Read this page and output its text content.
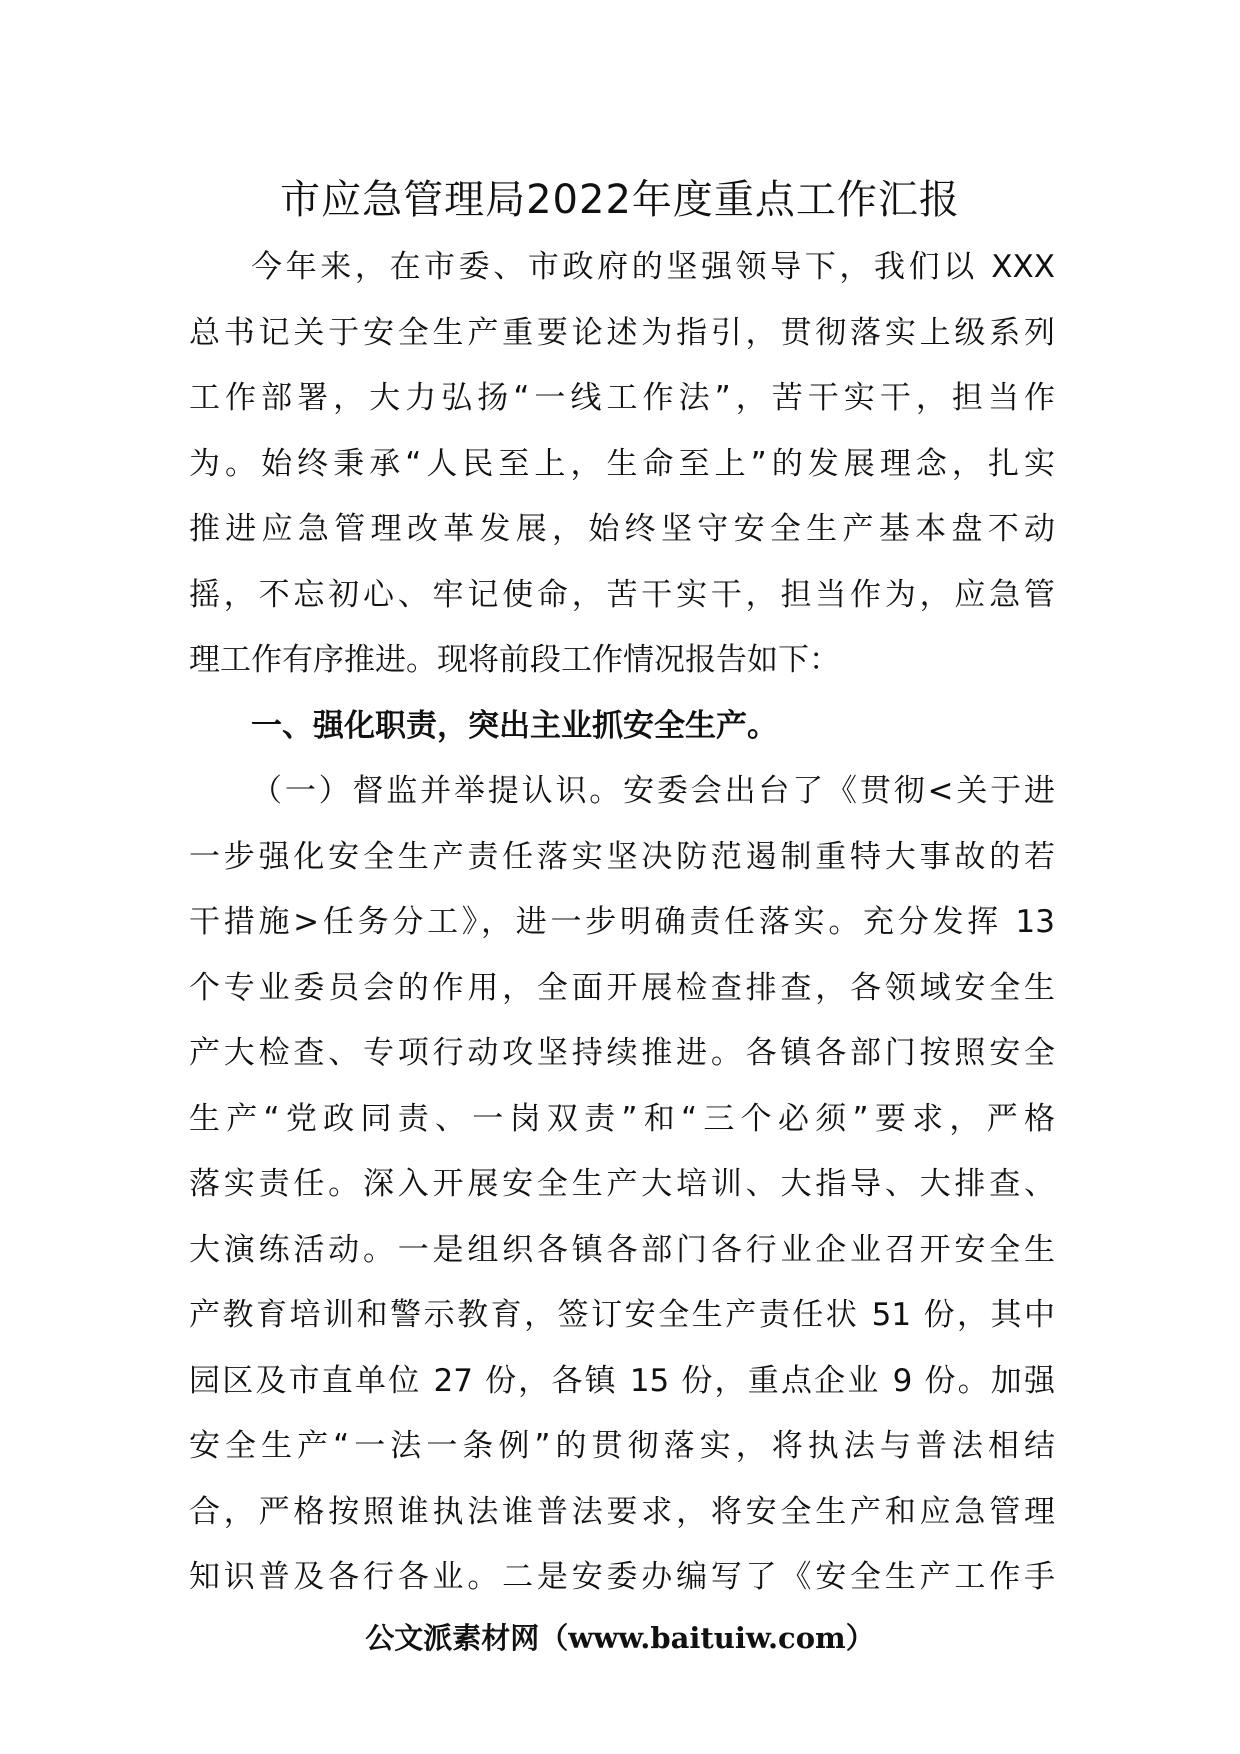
市应急管理局2022年度重点工作汇报
今年来，在市委、市政府的坚强领导下，我们以 XXX
总书记关于安全生产重要论述为指引，贯彻落实上级系列
工作部署，大力弘扬“一线工作法”，苦干实干，担当作
为。始终秉承“人民至上，生命至上”的发展理念，扎实
推进应急管理改革发展，始终坚守安全生产基本盘不动
摇，不忘初心、牢记使命，苦干实干，担当作为，应急管
理工作有序推进。现将前段工作情况报告如下：
一、强化职责，突出主业抓安全生产。
（一）督监并举提认识。安委会出台了《贯彻<关于进
一步强化安全生产责任落实坚决防范遏制重特大事故的若
干措施>任务分工》，进一步明确责任落实。充分发挥 13
个专业委员会的作用，全面开展检查排查，各领域安全生
产大检查、专项行动攻坚持续推进。各镇各部门按照安全
生产“党政同责、一岗双责”和“三个必须”要求，严格
落实责任。深入开展安全生产大培训、大指导、大排查、
大演练活动。一是组织各镇各部门各行业企业召开安全生
产教育培训和警示教育，签订安全生产责任状 51 份，其中
园区及市直单位 27 份，各镇 15 份，重点企业 9 份。加强
安全生产“一法一条例”的贯彻落实，将执法与普法相结
合，严格按照谁执法谁普法要求，将安全生产和应急管理
知识普及各行各业。二是安委办编写了《安全生产工作手
公文派素材网（www.baituiw.com）
